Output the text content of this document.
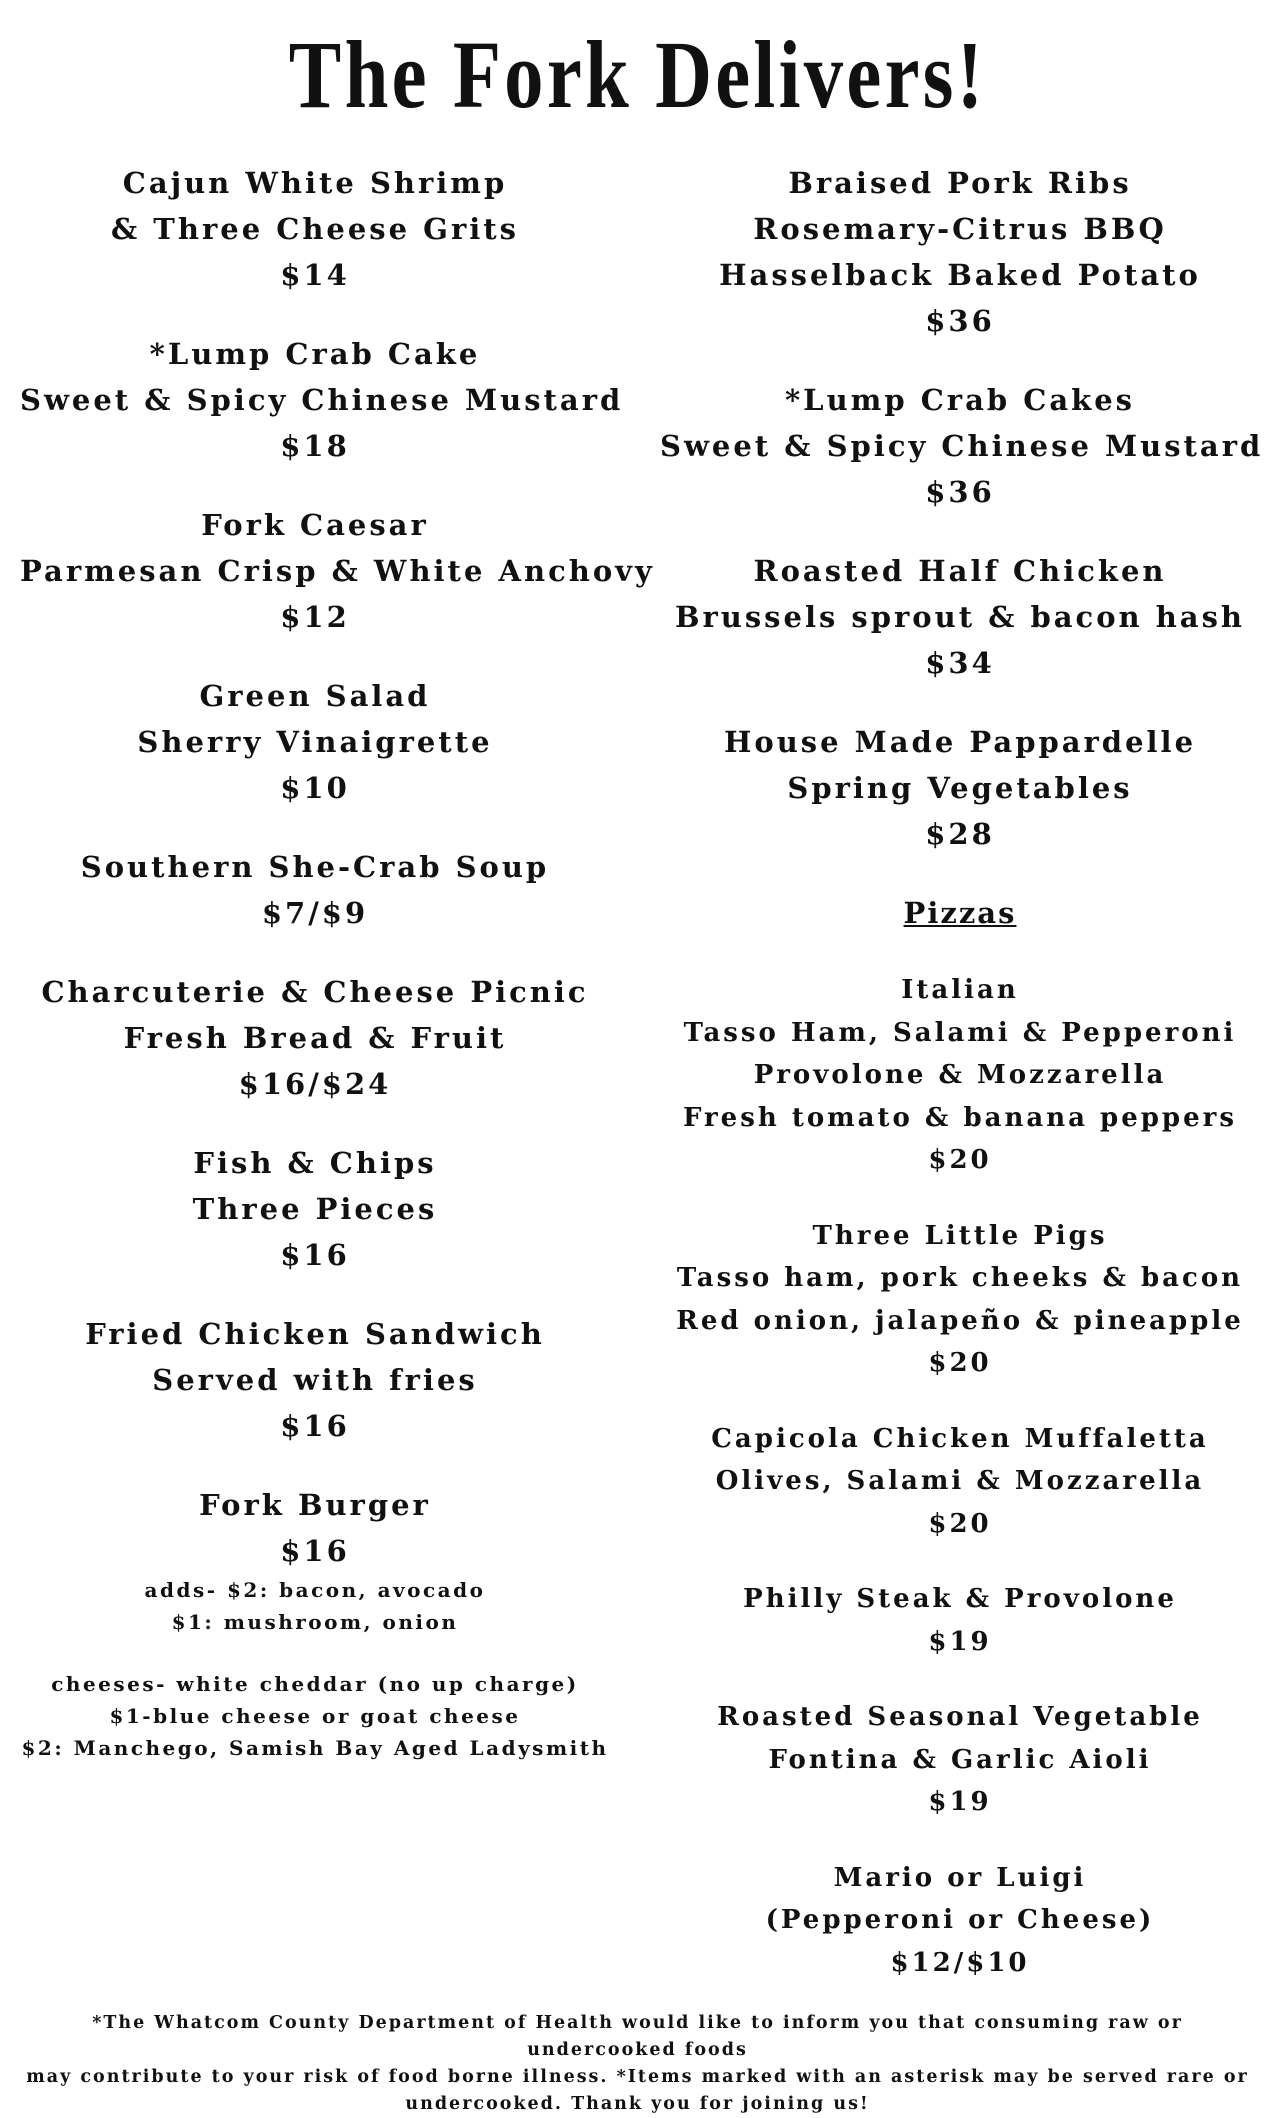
The Fork Delivers!
Cajun White Shrimp
& Three Cheese Grits
$14
*Lump Crab Cake
Sweet & Spicy Chinese Mustard
$18
Fork Caesar
Parmesan Crisp & White Anchovy
$12
Green Salad
Sherry Vinaigrette
$10
Southern She-Crab Soup
$7/$9
Charcuterie & Cheese Picnic
Fresh Bread & Fruit
$16/$24
Fish & Chips
Three Pieces
$16
Fried Chicken Sandwich
Served with fries
$16
Fork Burger
$16
adds- $2: bacon, avocado
$1: mushroom, onion
cheeses- white cheddar (no up charge)
$1-blue cheese or goat cheese
$2: Manchego, Samish Bay Aged Ladysmith
Braised Pork Ribs
Rosemary-Citrus BBQ
Hasselback Baked Potato
$36
*Lump Crab Cakes
Sweet & Spicy Chinese Mustard
$36
Roasted Half Chicken
Brussels sprout & bacon hash
$34
House Made Pappardelle
Spring Vegetables
$28
Pizzas
Italian
Tasso Ham, Salami & Pepperoni
Provolone & Mozzarella
Fresh tomato & banana peppers
$20
Three Little Pigs
Tasso ham, pork cheeks & bacon
Red onion, jalapeño & pineapple
$20
Capicola Chicken Muffaletta
Olives, Salami & Mozzarella
$20
Philly Steak & Provolone
$19
Roasted Seasonal Vegetable
Fontina & Garlic Aioli
$19
Mario or Luigi
(Pepperoni or Cheese)
$12/$10
*The Whatcom County Department of Health would like to inform you that consuming raw or undercooked foods
may contribute to your risk of food borne illness. *Items marked with an asterisk may be served rare or
undercooked. Thank you for joining us!
